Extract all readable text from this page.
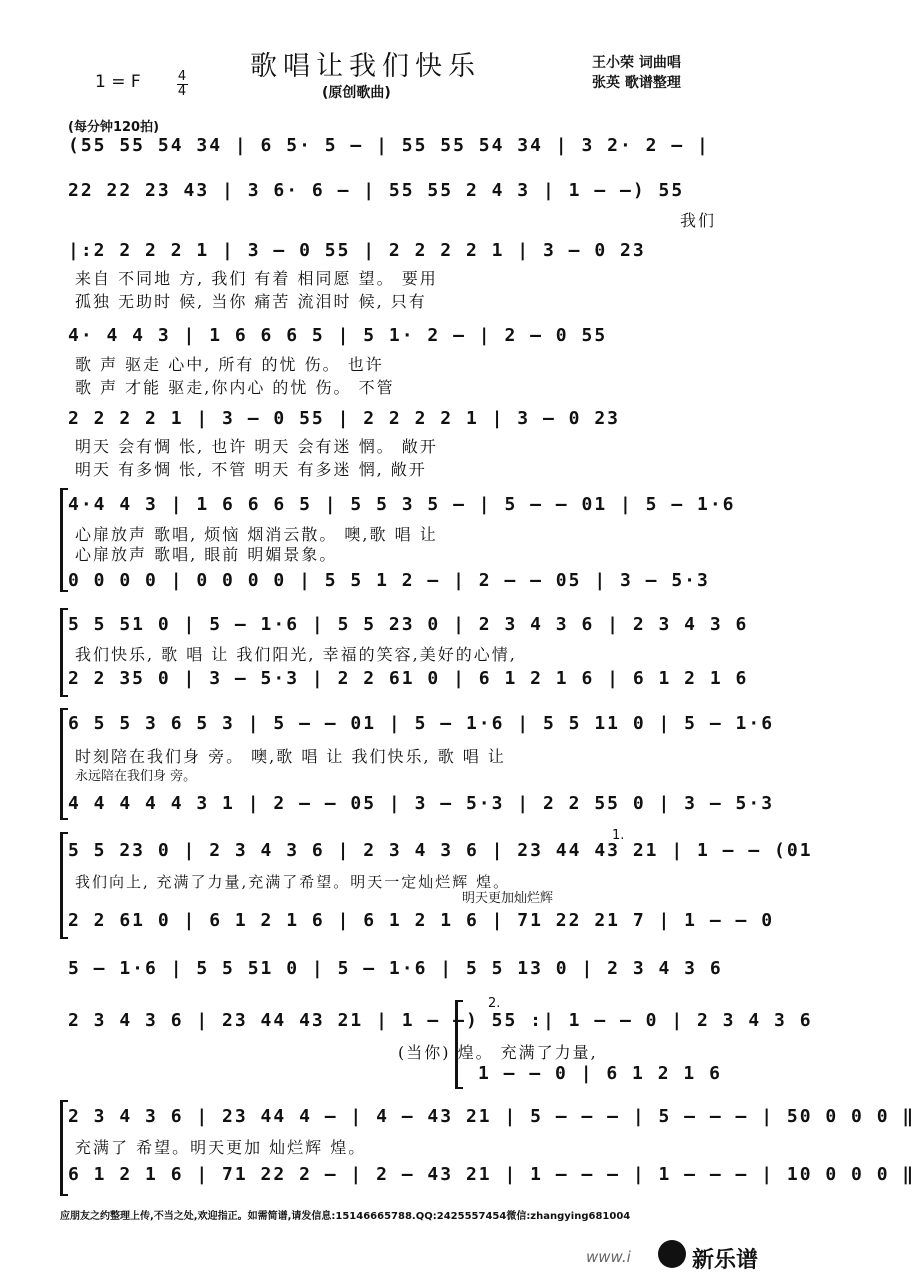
1 = F	4
4
歌唱让我们快乐
(原创歌曲)
王小荣 词曲唱
张英 歌谱整理
(每分钟120拍)
(55 55 54 34 | 6 5· 5 — | 55 55 54 34 | 3 2· 2 — |
22 22 23 43 | 3 6· 6 — | 55 55 2 4 3 | 1 — —) 55
我们
|:2 2 2 2 1 | 3 — 0 55 | 2 2 2 2 1 | 3 — 0 23
来自 不同地 方, 我们 有着 相同愿 望。 要用
孤独 无助时 候, 当你 痛苦 流泪时 候, 只有
4· 4 4 3 | 1 6 6 6 5 | 5 1· 2 — | 2 — 0 55
歌 声 驱走 心中, 所有 的忧 伤。 也许
歌 声 才能 驱走,你内心 的忧 伤。 不管
2 2 2 2 1 | 3 — 0 55 | 2 2 2 2 1 | 3 — 0 23
明天 会有惆 怅, 也许 明天 会有迷 惘。 敞开
明天 有多惆 怅, 不管 明天 有多迷 惘, 敞开
4·4 4 3 | 1 6 6 6 5 | 5 5 3 5 — | 5 — — 01 | 5 — 1·6
心扉放声 歌唱, 烦恼 烟消云散。 噢,歌 唱 让
心扉放声 歌唱, 眼前 明媚景象。
0 0 0 0 | 0 0 0 0 | 5 5 1 2 — | 2 — — 05 | 3 — 5·3
5 5 51 0 | 5 — 1·6 | 5 5 23 0 | 2 3 4 3 6 | 2 3 4 3 6
我们快乐, 歌 唱 让 我们阳光, 幸福的笑容,美好的心情,
2 2 35 0 | 3 — 5·3 | 2 2 61 0 | 6 1 2 1 6 | 6 1 2 1 6
6 5 5 3 6 5 3 | 5 — — 01 | 5 — 1·6 | 5 5 11 0 | 5 — 1·6
时刻陪在我们身 旁。 噢,歌 唱 让 我们快乐, 歌 唱 让
永远陪在我们身 旁。
4 4 4 4 4 3 1 | 2 — — 05 | 3 — 5·3 | 2 2 55 0 | 3 — 5·3
1.
5 5 23 0 | 2 3 4 3 6 | 2 3 4 3 6 | 23 44 43 21 | 1 — — (01
我们向上, 充满了力量,充满了希望。明天一定灿烂辉 煌。
明天更加灿烂辉
2 2 61 0 | 6 1 2 1 6 | 6 1 2 1 6 | 71 22 21 7 | 1 — — 0
5 — 1·6 | 5 5 51 0 | 5 — 1·6 | 5 5 13 0 | 2 3 4 3 6
2.
2 3 4 3 6 | 23 44 43 21 | 1 — —) 55 :| 1 — — 0 | 2 3 4 3 6
(当你) 煌。 充满了力量,
1 — — 0 | 6 1 2 1 6
2 3 4 3 6 | 23 44 4 — | 4 — 43 21 | 5 — — — | 5 — — — | 50 0 0 0 ‖
充满了 希望。明天更加 灿烂辉 煌。
6 1 2 1 6 | 71 22 2 — | 2 — 43 21 | 1 — — — | 1 — — — | 10 0 0 0 ‖
应朋友之约整理上传,不当之处,欢迎指正。如需简谱,请发信息:15146665788.QQ:2425557454微信:zhangying681004
www.i	新乐谱
